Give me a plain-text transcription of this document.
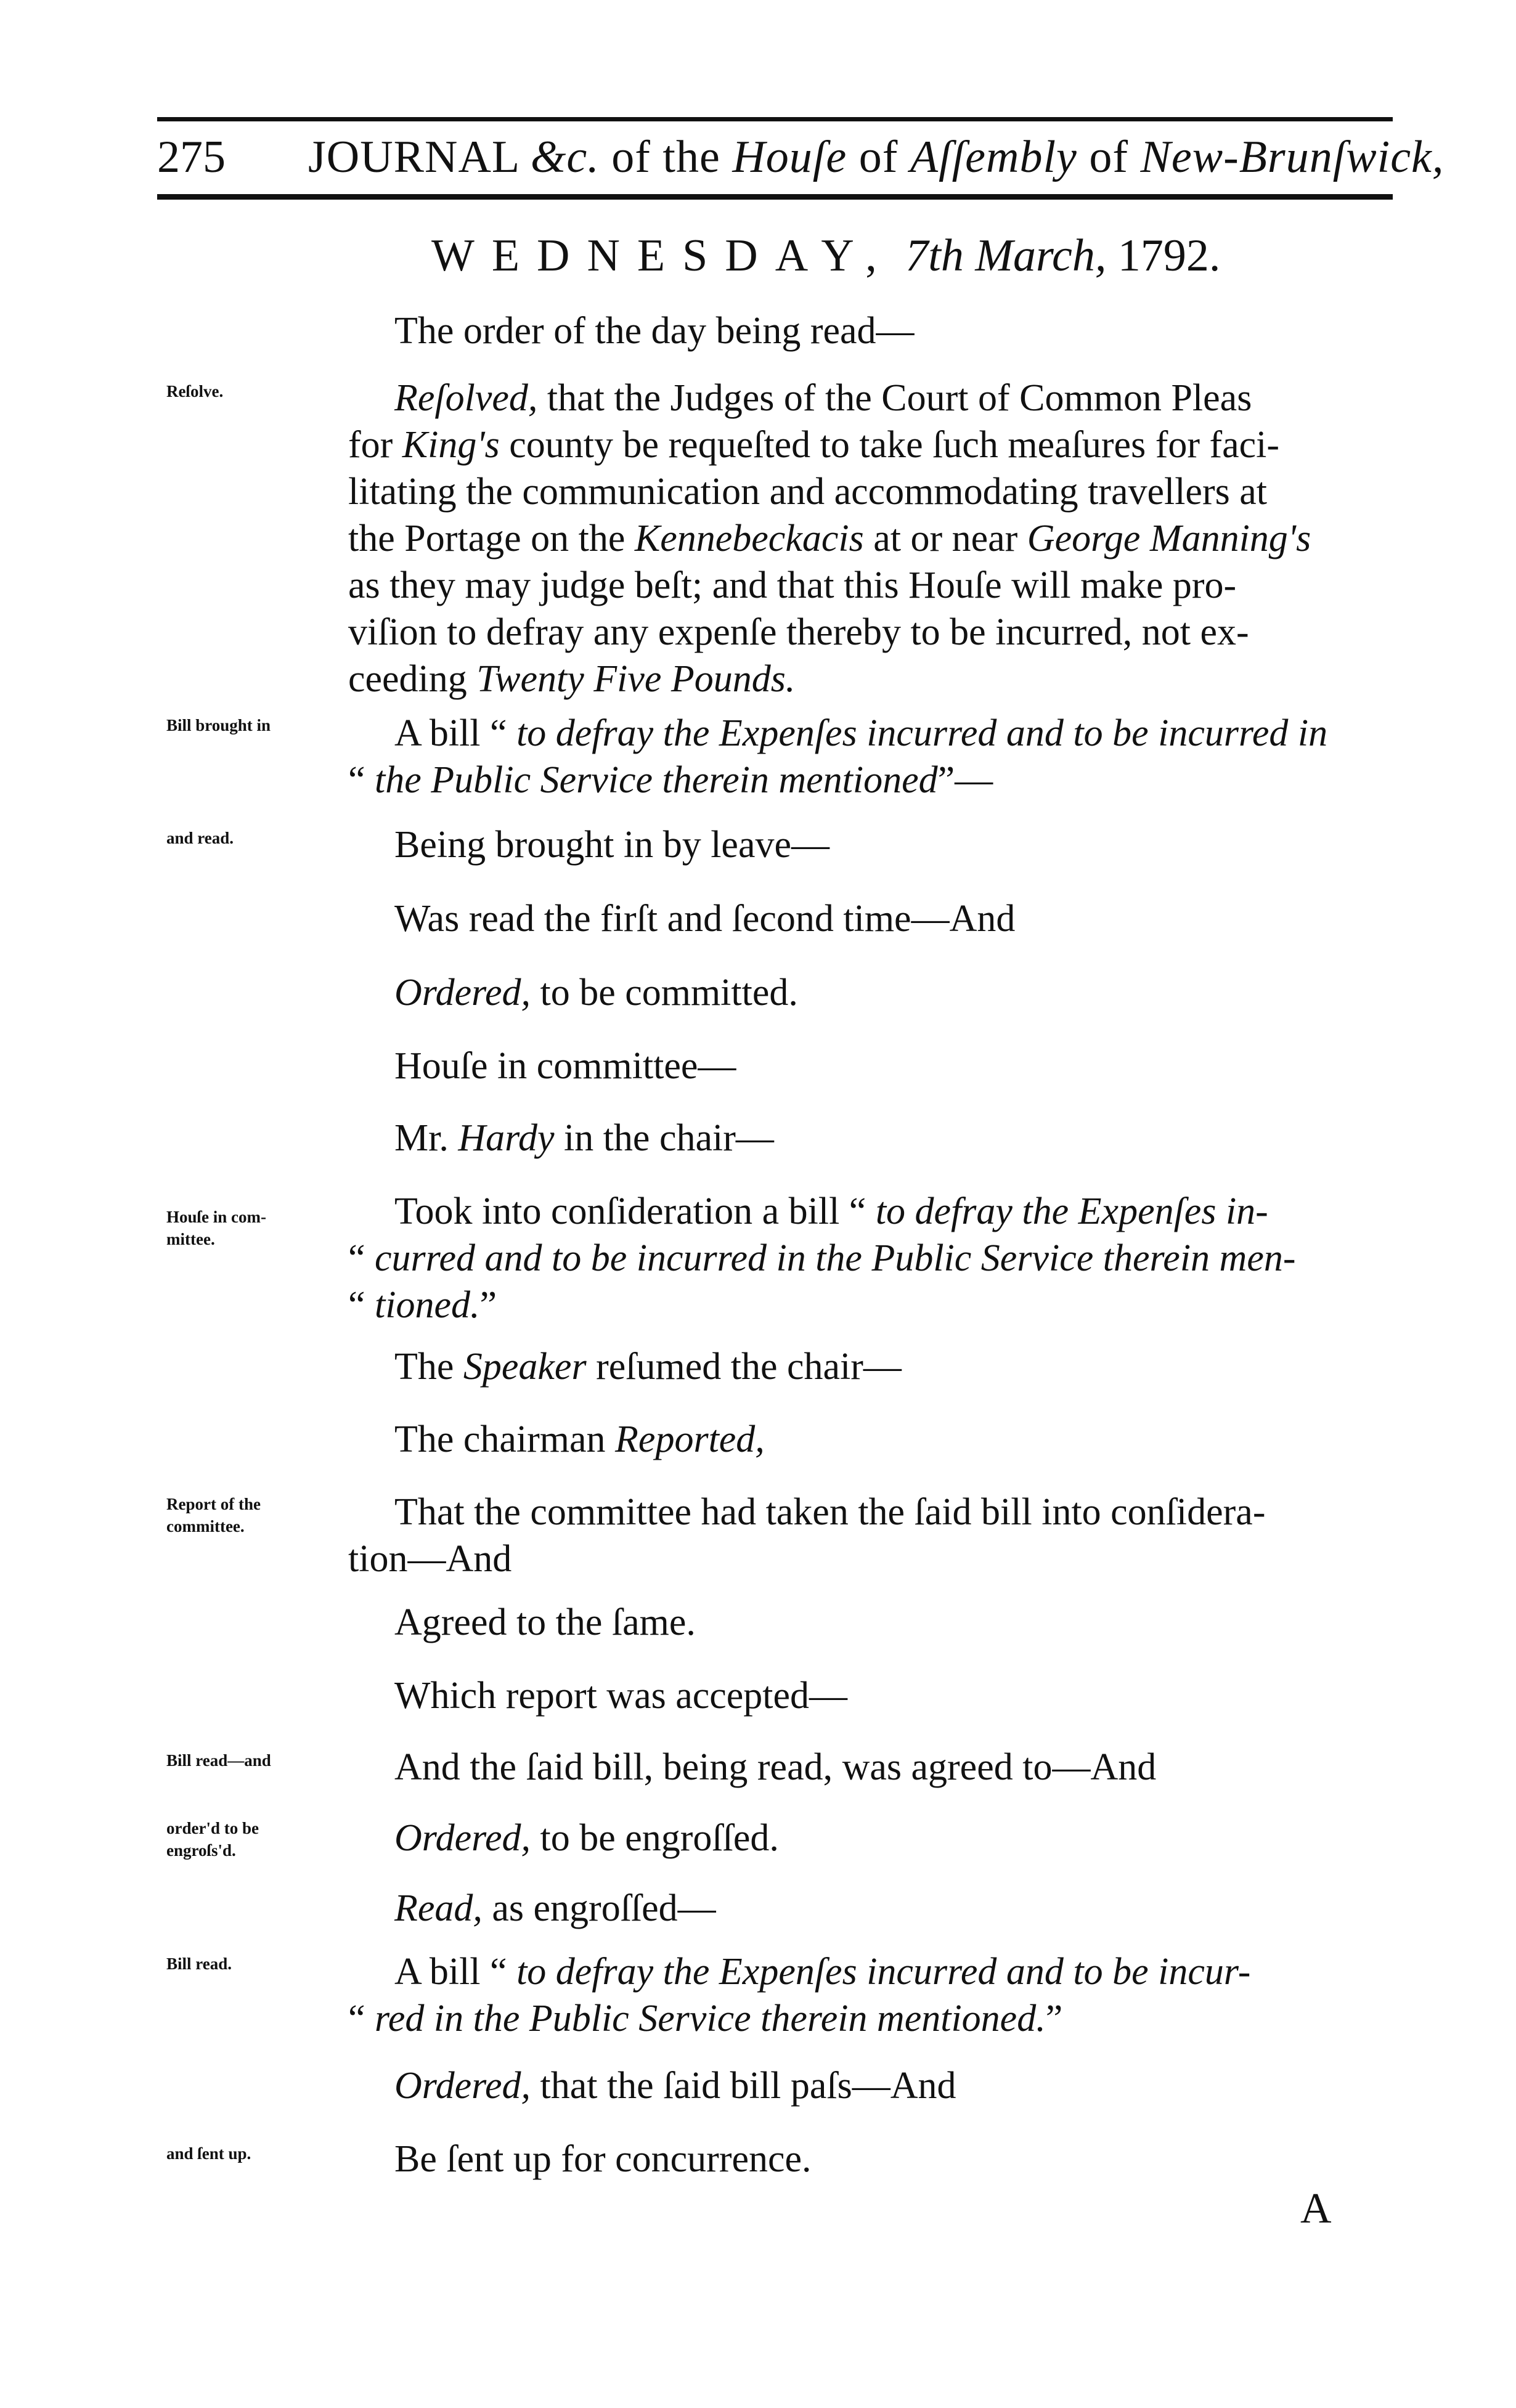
275 JOURNAL &c. of the Houſe of Aſſembly of New-Brunſwick,
WEDNESDAY, 7th March, 1792.
Reſolve.
Bill brought in
and read.
Houſe in com-
mittee.
Report of the
committee.
Bill read—and
order'd to be
engroſs'd.
Bill read.
and ſent up.
The order of the day being read—
Reſolved, that the Judges of the Court of Common Pleas
for King's county be requeſted to take ſuch meaſures for faci-
litating the communication and accommodating travellers at
the Portage on the Kennebeckacis at or near George Manning's
as they may judge beſt; and that this Houſe will make pro-
viſion to defray any expenſe thereby to be incurred, not ex-
ceeding Twenty Five Pounds.
A bill “ to defray the Expenſes incurred and to be incurred in
“ the Public Service therein mentioned”—
Being brought in by leave—
Was read the firſt and ſecond time—And
Ordered, to be committed.
Houſe in committee—
Mr. Hardy in the chair—
Took into conſideration a bill “ to defray the Expenſes in-
“ curred and to be incurred in the Public Service therein men-
“ tioned.”
The Speaker reſumed the chair—
The chairman Reported,
That the committee had taken the ſaid bill into conſidera-
tion—And
Agreed to the ſame.
Which report was accepted—
And the ſaid bill, being read, was agreed to—And
Ordered, to be engroſſed.
Read, as engroſſed—
A bill “ to defray the Expenſes incurred and to be incur-
“ red in the Public Service therein mentioned.”
Ordered, that the ſaid bill paſs—And
Be ſent up for concurrence.
A
